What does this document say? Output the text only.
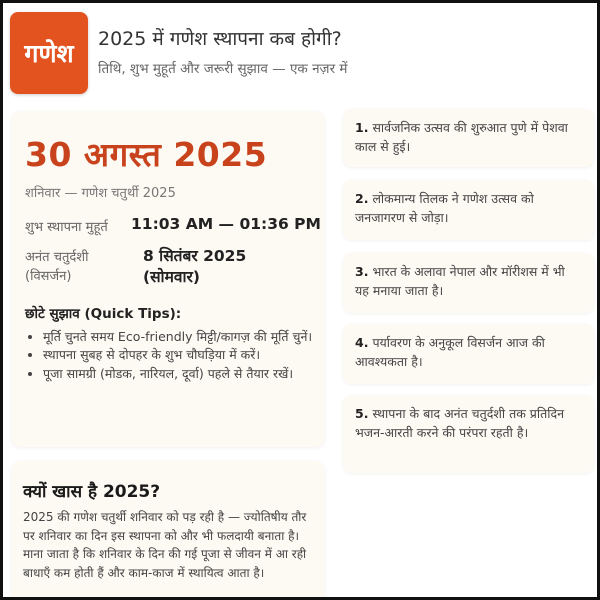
गणेश	2025 में गणेश स्थापना कब होगी?
तिथि, शुभ मुहूर्त और जरूरी सुझाव — एक नज़र में
30 अगस्त 2025
शनिवार — गणेश चतुर्थी 2025
शुभ स्थापना मुहूर्त 11:03 AM — 01:36 PM
अनंत चतुर्दशी
(विसर्जन)
8 सितंबर 2025
(सोमवार)
छोटे सुझाव (Quick Tips):
• मूर्ति चुनते समय Eco-friendly मिट्टी/कागज़ की मूर्ति चुनें।
• स्थापना सुबह से दोपहर के शुभ चौघड़िया में करें।
• पूजा सामग्री (मोडक, नारियल, दूर्वा) पहले से तैयार रखें।
क्यों खास है 2025?
2025 की गणेश चतुर्थी शनिवार को पड़ रही है — ज्योतिषीय तौर पर शनिवार का दिन इस स्थापना को और भी फलदायी बनाता है। माना जाता है कि शनिवार के दिन की गई पूजा से जीवन में आ रही बाधाएँ कम होती हैं और काम-काज में स्थायित्व आता है।
1. सार्वजनिक उत्सव की शुरुआत पुणे में पेशवा काल से हुई।
2. लोकमान्य तिलक ने गणेश उत्सव को जनजागरण से जोड़ा।
3. भारत के अलावा नेपाल और मॉरीशस में भी यह मनाया जाता है।
4. पर्यावरण के अनुकूल विसर्जन आज की आवश्यकता है।
5. स्थापना के बाद अनंत चतुर्दशी तक प्रतिदिन भजन-आरती करने की परंपरा रहती है।
